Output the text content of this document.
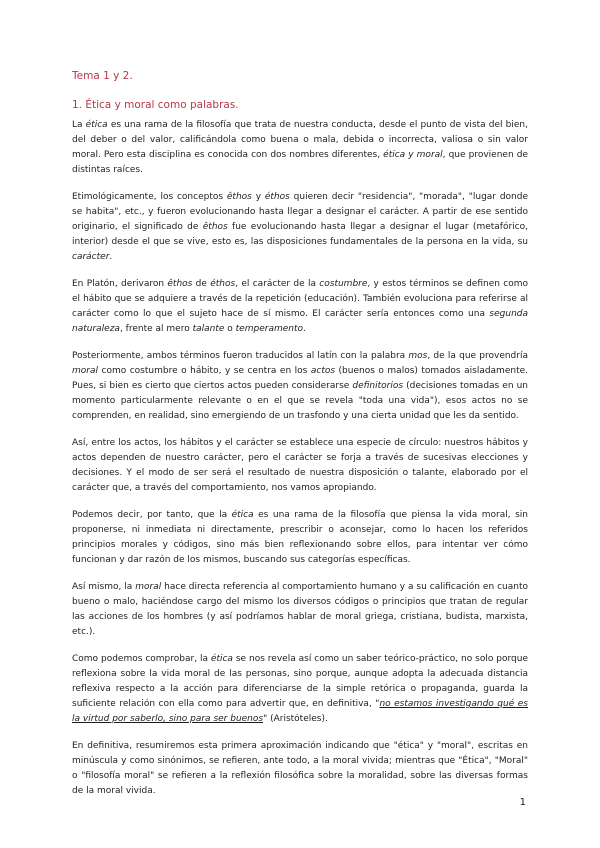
Tema 1 y 2.
1. Ética y moral como palabras.

La ética es una rama de la filosofía que trata de nuestra conducta, desde el punto de vista del bien, del deber o del valor, calificándola como buena o mala, debida o incorrecta, valiosa o sin valor moral. Pero esta disciplina es conocida con dos nombres diferentes, ética y moral, que provienen de distintas raíces.

Etimológicamente, los conceptos êthos y éthos quieren decir "residencia", "morada", "lugar donde se habita", etc., y fueron evolucionando hasta llegar a designar el carácter. A partir de ese sentido originario, el significado de êthos fue evolucionando hasta llegar a designar el lugar (metafórico, interior) desde el que se vive, esto es, las disposiciones fundamentales de la persona en la vida, su carácter.

En Platón, derivaron êthos de éthos, el carácter de la costumbre, y estos términos se definen como el hábito que se adquiere a través de la repetición (educación). También evoluciona para referirse al carácter como lo que el sujeto hace de sí mismo. El carácter sería entonces como una segunda naturaleza, frente al mero talante o temperamento.

Posteriormente, ambos términos fueron traducidos al latín con la palabra mos, de la que provendría moral como costumbre o hábito, y se centra en los actos (buenos o malos) tomados aisladamente. Pues, si bien es cierto que ciertos actos pueden considerarse definitorios (decisiones tomadas en un momento particularmente relevante o en el que se revela "toda una vida"), esos actos no se comprenden, en realidad, sino emergiendo de un trasfondo y una cierta unidad que les da sentido.

Así, entre los actos, los hábitos y el carácter se establece una especie de círculo: nuestros hábitos y actos dependen de nuestro carácter, pero el carácter se forja a través de sucesivas elecciones y decisiones. Y el modo de ser será el resultado de nuestra disposición o talante, elaborado por el carácter que, a través del comportamiento, nos vamos apropiando.

Podemos decir, por tanto, que la ética es una rama de la filosofía que piensa la vida moral, sin proponerse, ni inmediata ni directamente, prescribir o aconsejar, como lo hacen los referidos principios morales y códigos, sino más bien reflexionando sobre ellos, para intentar ver cómo funcionan y dar razón de los mismos, buscando sus categorías específicas.

Así mismo, la moral hace directa referencia al comportamiento humano y a su calificación en cuanto bueno o malo, haciéndose cargo del mismo los diversos códigos o principios que tratan de regular las acciones de los hombres (y así podríamos hablar de moral griega, cristiana, budista, marxista, etc.).

Como podemos comprobar, la ética se nos revela así como un saber teórico-práctico, no solo porque reflexiona sobre la vida moral de las personas, sino porque, aunque adopta la adecuada distancia reflexiva respecto a la acción para diferenciarse de la simple retórica o propaganda, guarda la suficiente relación con ella como para advertir que, en definitiva, "no estamos investigando qué es la virtud por saberlo, sino para ser buenos" (Aristóteles).

En definitiva, resumiremos esta primera aproximación indicando que "ética" y "moral", escritas en minúscula y como sinónimos, se refieren, ante todo, a la moral vivida; mientras que "Ética", "Moral" o "filosofía moral" se refieren a la reflexión filosófica sobre la moralidad, sobre las diversas formas de la moral vivida.

1
